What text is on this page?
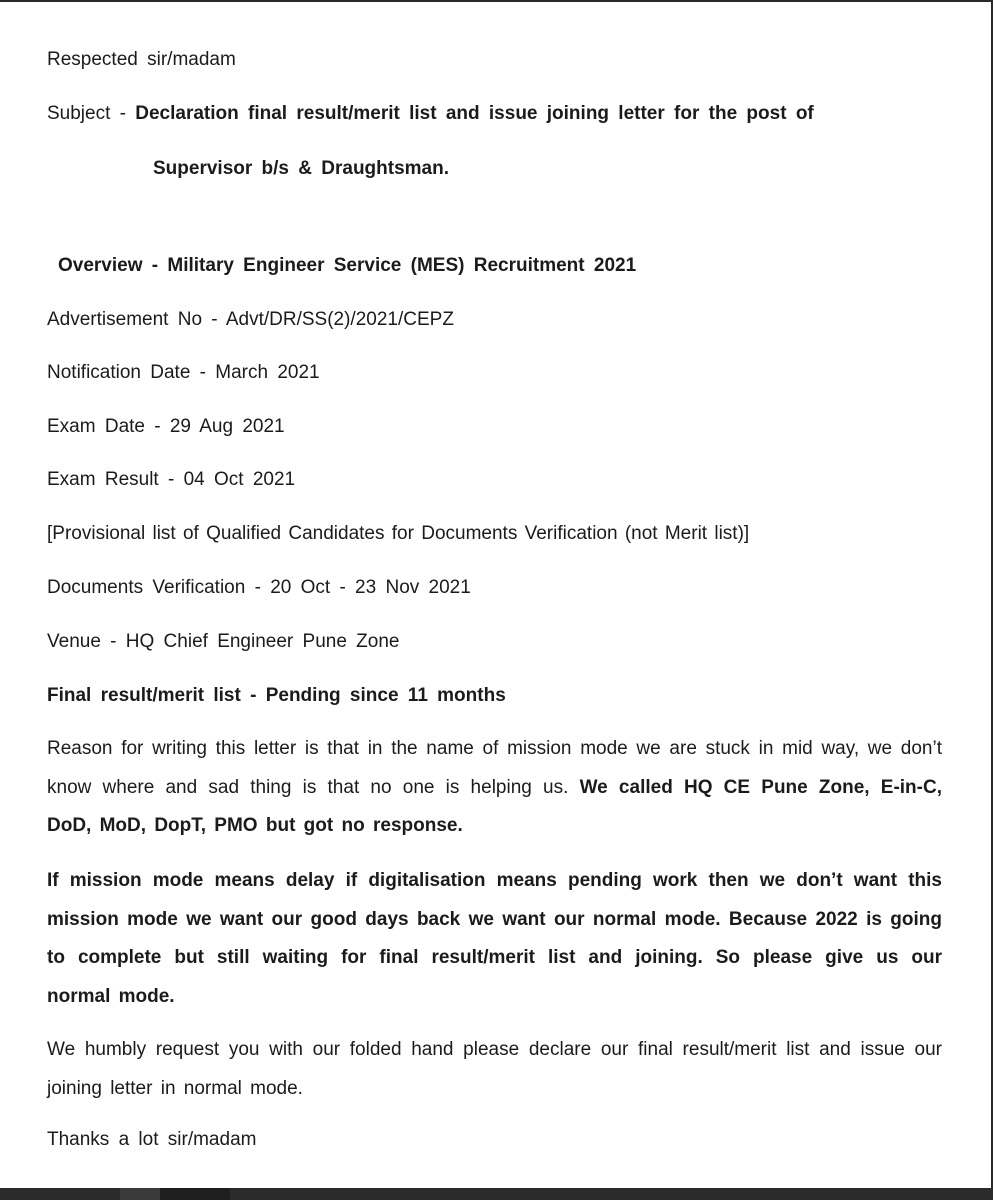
Respected sir/madam
Subject - Declaration final result/merit list and issue joining letter for the post of
Supervisor b/s & Draughtsman.
Overview - Military Engineer Service (MES) Recruitment 2021
Advertisement No - Advt/DR/SS(2)/2021/CEPZ
Notification Date - March 2021
Exam Date - 29 Aug 2021
Exam Result - 04 Oct 2021
[Provisional list of Qualified Candidates for Documents Verification (not Merit list)]
Documents Verification - 20 Oct - 23 Nov 2021
Venue - HQ Chief Engineer Pune Zone
Final result/merit list - Pending since 11 months
Reason for writing this letter is that in the name of mission mode we are stuck in mid way, we don’t know where and sad thing is that no one is helping us. We called HQ CE Pune Zone, E-in-C, DoD, MoD, DopT, PMO but got no response.
If mission mode means delay if digitalisation means pending work then we don’t want this mission mode we want our good days back we want our normal mode. Because 2022 is going to complete but still waiting for final result/merit list and joining. So please give us our normal mode.
We humbly request you with our folded hand please declare our final result/merit list and issue our joining letter in normal mode.
Thanks a lot sir/madam
